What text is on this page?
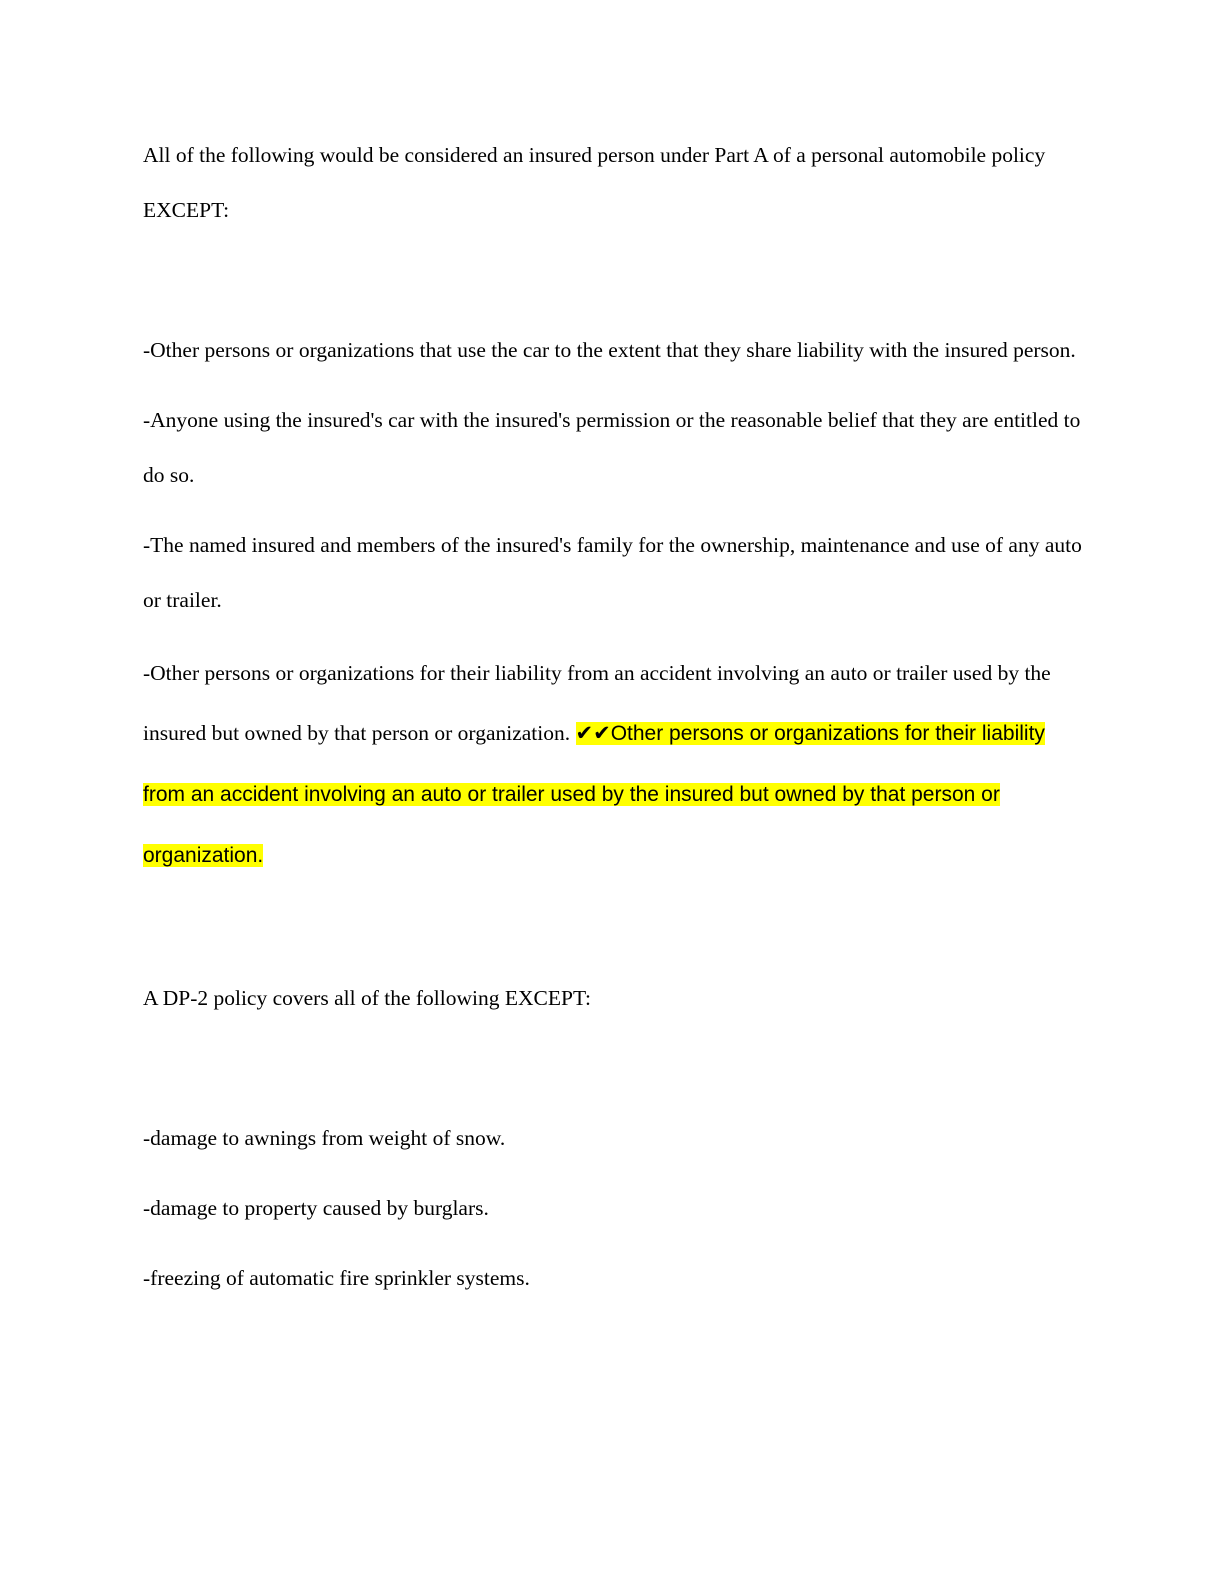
All of the following would be considered an insured person under Part A of a personal automobile policy EXCEPT:

-Other persons or organizations that use the car to the extent that they share liability with the insured person.

-Anyone using the insured's car with the insured's permission or the reasonable belief that they are entitled to do so.

-The named insured and members of the insured's family for the ownership, maintenance and use of any auto or trailer.

-Other persons or organizations for their liability from an accident involving an auto or trailer used by the insured but owned by that person or organization. ✔✔Other persons or organizations for their liability from an accident involving an auto or trailer used by the insured but owned by that person or organization.

A DP-2 policy covers all of the following EXCEPT:

-damage to awnings from weight of snow.

-damage to property caused by burglars.

-freezing of automatic fire sprinkler systems.
